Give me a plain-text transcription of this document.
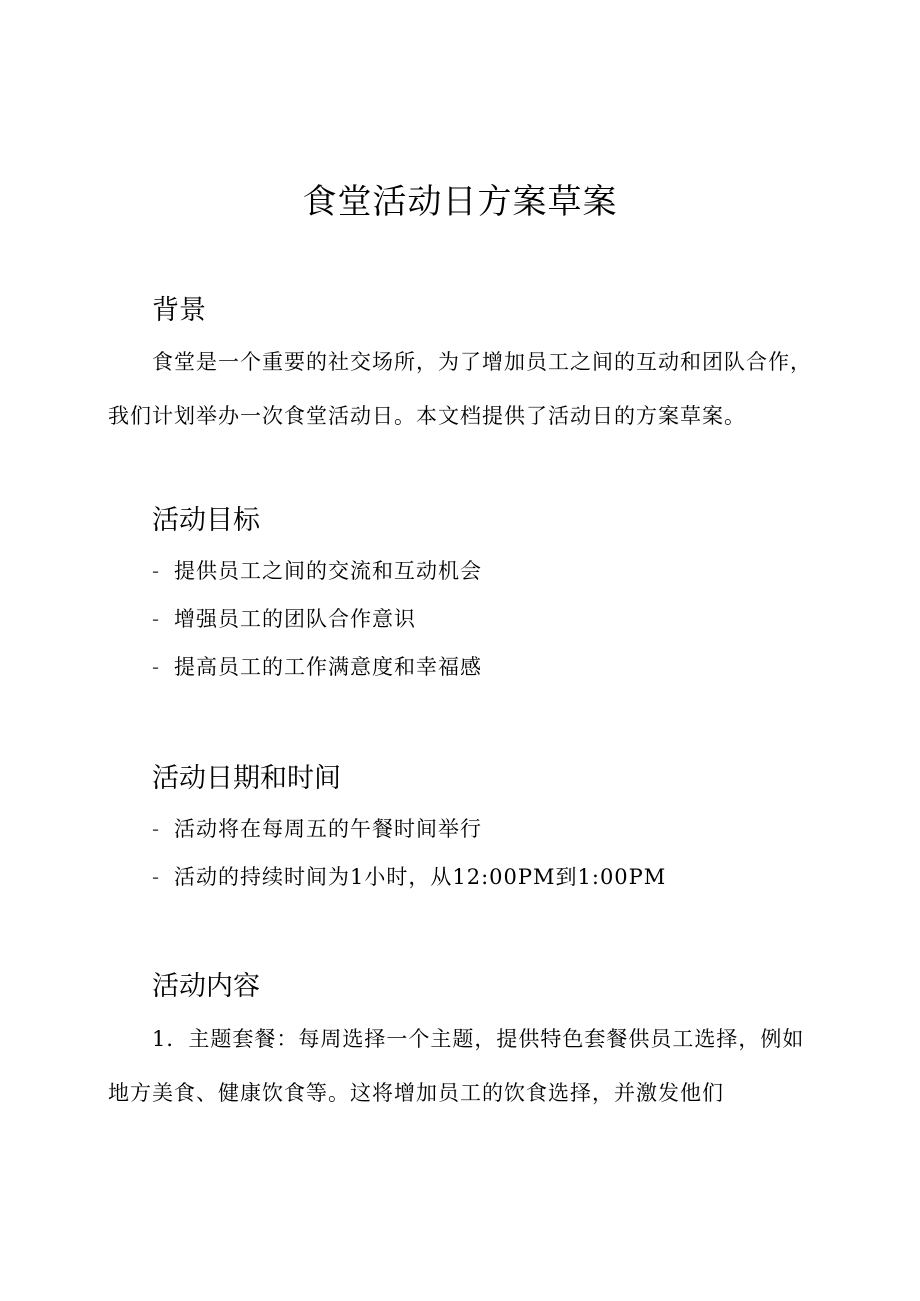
食堂活动日方案草案
背景
食堂是一个重要的社交场所，为了增加员工之间的互动和团队合作，我们计划举办一次食堂活动日。本文档提供了活动日的方案草案。
活动目标
- 提供员工之间的交流和互动机会
- 增强员工的团队合作意识
- 提高员工的工作满意度和幸福感
活动日期和时间
- 活动将在每周五的午餐时间举行
- 活动的持续时间为1小时，从12:00PM到1:00PM
活动内容
1．主题套餐：每周选择一个主题，提供特色套餐供员工选择，例如地方美食、健康饮食等。这将增加员工的饮食选择，并激发他们
